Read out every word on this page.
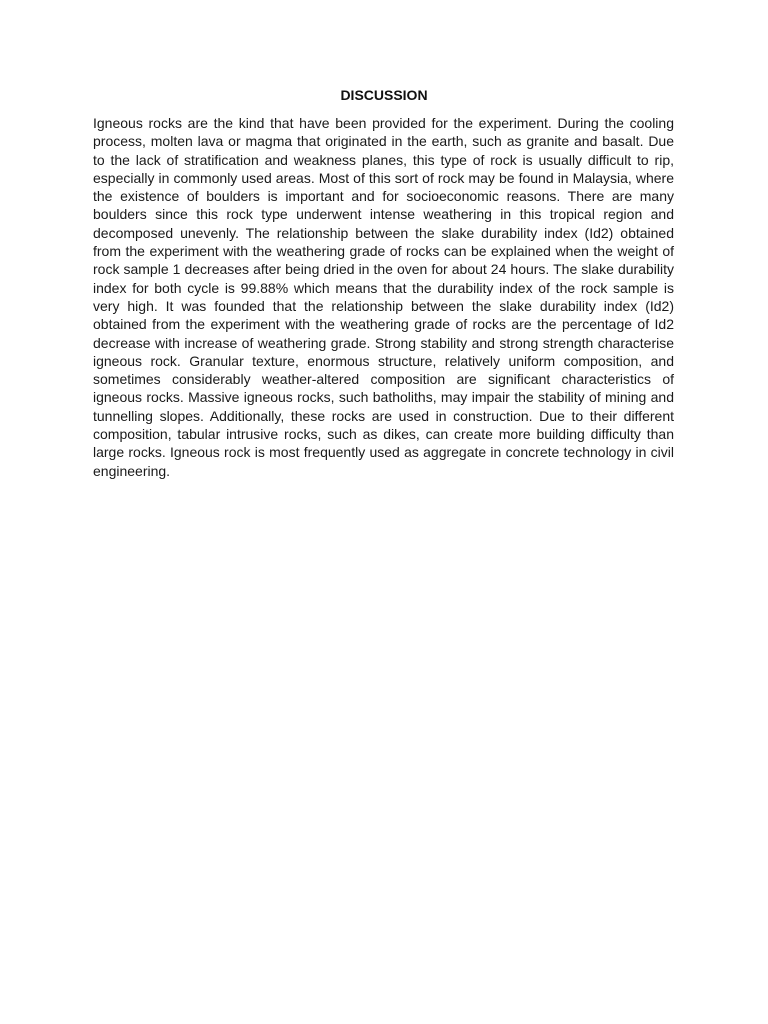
DISCUSSION

Igneous rocks are the kind that have been provided for the experiment. During the cooling process, molten lava or magma that originated in the earth, such as granite and basalt. Due to the lack of stratification and weakness planes, this type of rock is usually difficult to rip, especially in commonly used areas. Most of this sort of rock may be found in Malaysia, where the existence of boulders is important and for socioeconomic reasons. There are many boulders since this rock type underwent intense weathering in this tropical region and decomposed unevenly. The relationship between the slake durability index (Id2) obtained from the experiment with the weathering grade of rocks can be explained when the weight of rock sample 1 decreases after being dried in the oven for about 24 hours. The slake durability index for both cycle is 99.88% which means that the durability index of the rock sample is very high. It was founded that the relationship between the slake durability index (Id2) obtained from the experiment with the weathering grade of rocks are the percentage of Id2 decrease with increase of weathering grade. Strong stability and strong strength characterise igneous rock. Granular texture, enormous structure, relatively uniform composition, and sometimes considerably weather-altered composition are significant characteristics of igneous rocks. Massive igneous rocks, such batholiths, may impair the stability of mining and tunnelling slopes. Additionally, these rocks are used in construction. Due to their different composition, tabular intrusive rocks, such as dikes, can create more building difficulty than large rocks. Igneous rock is most frequently used as aggregate in concrete technology in civil engineering.
